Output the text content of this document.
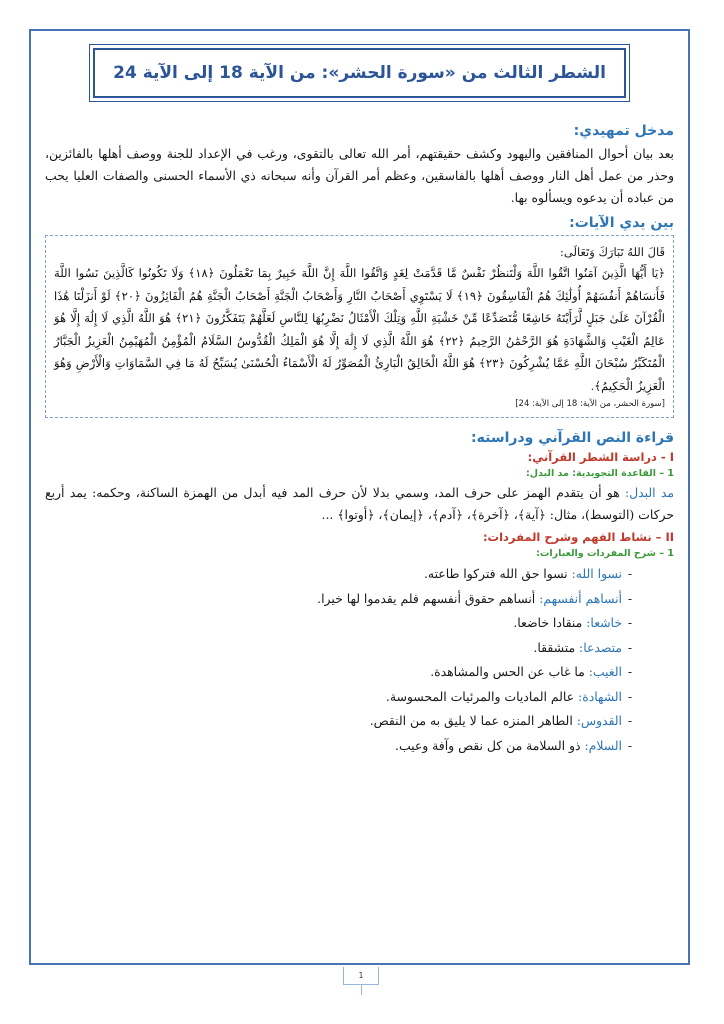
الشطر الثالث من «سورة الحشر»: من الآية 18 إلى الآية 24
مدخل تمهيدي:

بعد بيان أحوال المنافقين واليهود وكشف حقيقتهم، أمر الله تعالى بالتقوى، ورغب في الإعداد للجنة ووصف أهلها بالفائزين، وحذر من عمل أهل النار ووصف أهلها بالفاسقين، وعظم أمر القرآن وأنه سبحانه ذي الأسماء الحسنى والصفات العليا يحب من عباده أن يدعوه ويسألوه بها.

بين يدي الآيات:

قَالَ اللهُ تَبَارَكَ وَتَعَالَى:

﴿يَا أَيُّهَا الَّذِينَ آمَنُوا اتَّقُوا اللَّهَ وَلْتَنظُرْ نَفْسٌ مَّا قَدَّمَتْ لِغَدٍ وَاتَّقُوا اللَّهَ إِنَّ اللَّهَ خَبِيرٌ بِمَا تَعْمَلُونَ ﴿١٨﴾ وَلَا تَكُونُوا كَالَّذِينَ نَسُوا اللَّهَ فَأَنسَاهُمْ أَنفُسَهُمْ أُولَٰئِكَ هُمُ الْفَاسِقُونَ ﴿١٩﴾ لَا يَسْتَوِي أَصْحَابُ النَّارِ وَأَصْحَابُ الْجَنَّةِ أَصْحَابُ الْجَنَّةِ هُمُ الْفَائِزُونَ ﴿٢٠﴾ لَوْ أَنزَلْنَا هَٰذَا الْقُرْآنَ عَلَىٰ جَبَلٍ لَّرَأَيْتَهُ خَاشِعًا مُّتَصَدِّعًا مِّنْ خَشْيَةِ اللَّهِ وَتِلْكَ الْأَمْثَالُ نَضْرِبُهَا لِلنَّاسِ لَعَلَّهُمْ يَتَفَكَّرُونَ ﴿٢١﴾ هُوَ اللَّهُ الَّذِي لَا إِلَٰهَ إِلَّا هُوَ عَالِمُ الْغَيْبِ وَالشَّهَادَةِ هُوَ الرَّحْمَٰنُ الرَّحِيمُ ﴿٢٢﴾ هُوَ اللَّهُ الَّذِي لَا إِلَٰهَ إِلَّا هُوَ الْمَلِكُ الْقُدُّوسُ السَّلَامُ الْمُؤْمِنُ الْمُهَيْمِنُ الْعَزِيزُ الْجَبَّارُ الْمُتَكَبِّرُ سُبْحَانَ اللَّهِ عَمَّا يُشْرِكُونَ ﴿٢٣﴾ هُوَ اللَّهُ الْخَالِقُ الْبَارِئُ الْمُصَوِّرُ لَهُ الْأَسْمَاءُ الْحُسْنَىٰ يُسَبِّحُ لَهُ مَا فِي السَّمَاوَاتِ وَالْأَرْضِ وَهُوَ الْعَزِيزُ الْحَكِيمُ﴾.

[سورة الحشر، من الآية: 18 إلى الآية: 24]
قراءة النص القرآني ودراسته:
I - دراسة الشطر القرآني:
1 – القاعدة التجويدية: مد البدل:

مد البدل: هو أن يتقدم الهمز على حرف المد، وسمي بدلا لأن حرف المد فيه أبدل من الهمزة الساكنة، وحكمه: يمد أربع حركات (التوسط)، مثال: ﴿آية﴾، ﴿آخرة﴾، ﴿آدم﴾، ﴿إيمان﴾، ﴿أوتوا﴾ ...

II – نشاط الفهم وشرح المفردات:
1 – شرح المفردات والعبارات:
-
نسوا الله: نسوا حق الله فتركوا طاعته.
-
أنساهم أنفسهم: أنساهم حقوق أنفسهم فلم يقدموا لها خيرا.
-
خاشعا: منقادا خاضعا.
-
متصدعا: متشققا.
-
الغيب: ما غاب عن الحس والمشاهدة.
-
الشهادة: عالم الماديات والمرئيات المحسوسة.
-
القدوس: الطاهر المنزه عما لا يليق به من النقص.
-
السلام: ذو السلامة من كل نقص وآفة وعيب.
1
